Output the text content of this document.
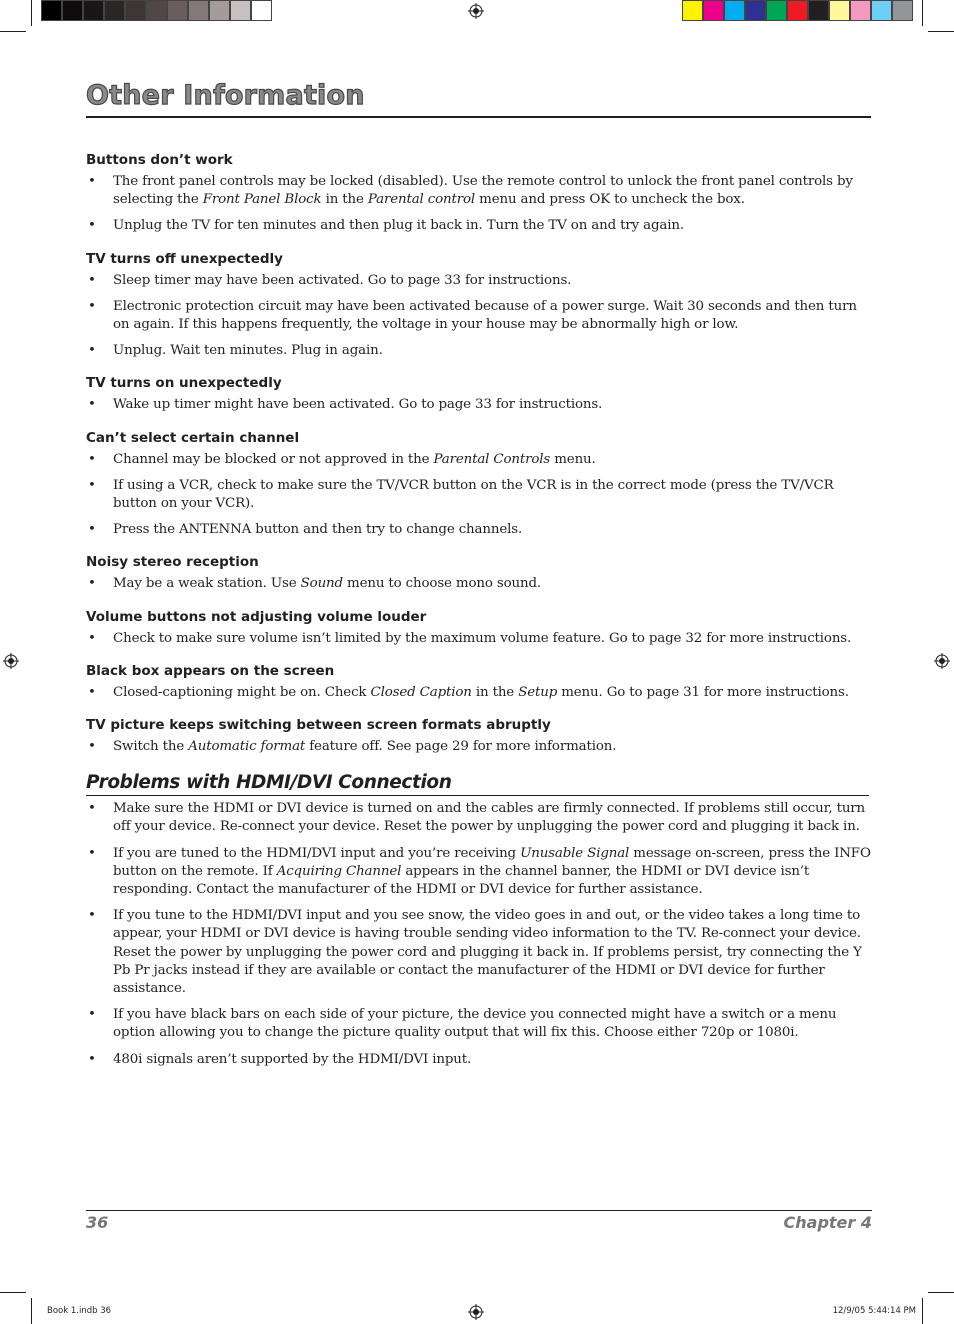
Other Information
Buttons don’t work
• The front panel controls may be locked (disabled). Use the remote control to unlock the front panel controls by selecting the Front Panel Block in the Parental control menu and press OK to uncheck the box.
• Unplug the TV for ten minutes and then plug it back in. Turn the TV on and try again.
TV turns off unexpectedly
• Sleep timer may have been activated. Go to page 33 for instructions.
• Electronic protection circuit may have been activated because of a power surge. Wait 30 seconds and then turn on again. If this happens frequently, the voltage in your house may be abnormally high or low.
• Unplug. Wait ten minutes. Plug in again.
TV turns on unexpectedly
• Wake up timer might have been activated. Go to page 33 for instructions.
Can’t select certain channel
• Channel may be blocked or not approved in the Parental Controls menu.
• If using a VCR, check to make sure the TV/VCR button on the VCR is in the correct mode (press the TV/VCR button on your VCR).
• Press the ANTENNA button and then try to change channels.
Noisy stereo reception
• May be a weak station. Use Sound menu to choose mono sound.
Volume buttons not adjusting volume louder
• Check to make sure volume isn’t limited by the maximum volume feature. Go to page 32 for more instructions.
Black box appears on the screen
• Closed-captioning might be on. Check Closed Caption in the Setup menu. Go to page 31 for more instructions.
TV picture keeps switching between screen formats abruptly
• Switch the Automatic format feature off. See page 29 for more information.
Problems with HDMI/DVI Connection
• Make sure the HDMI or DVI device is turned on and the cables are firmly connected. If problems still occur, turn off your device. Re-connect your device. Reset the power by unplugging the power cord and plugging it back in.
• If you are tuned to the HDMI/DVI input and you’re receiving Unusable Signal message on-screen, press the INFO button on the remote. If Acquiring Channel appears in the channel banner, the HDMI or DVI device isn’t responding. Contact the manufacturer of the HDMI or DVI device for further assistance.
• If you tune to the HDMI/DVI input and you see snow, the video goes in and out, or the video takes a long time to appear, your HDMI or DVI device is having trouble sending video information to the TV. Re-connect your device. Reset the power by unplugging the power cord and plugging it back in. If problems persist, try connecting the Y Pb Pr jacks instead if they are available or contact the manufacturer of the HDMI or DVI device for further assistance.
• If you have black bars on each side of your picture, the device you connected might have a switch or a menu option allowing you to change the picture quality output that will fix this. Choose either 720p or 1080i.
• 480i signals aren’t supported by the HDMI/DVI input.
36	Chapter 4
Book 1.indb 36	12/9/05 5:44:14 PM
